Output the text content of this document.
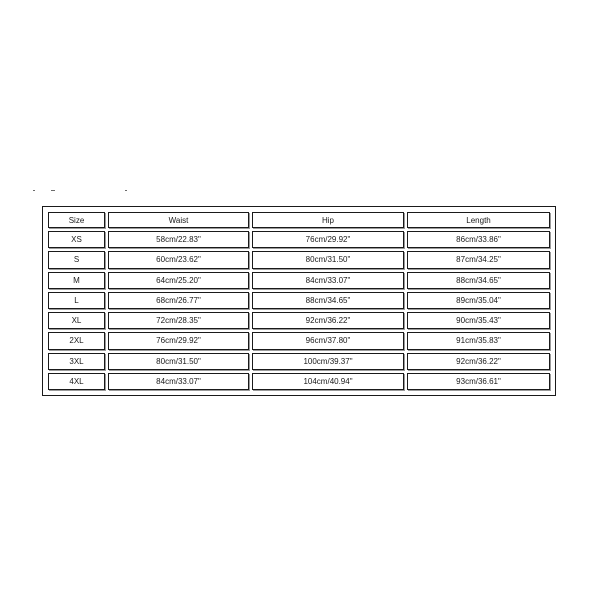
Size	Waist	Hip	Length
XS	58cm/22.83"	76cm/29.92"	86cm/33.86"
S	60cm/23.62"	80cm/31.50"	87cm/34.25"
M	64cm/25.20"	84cm/33.07"	88cm/34.65"
L	68cm/26.77"	88cm/34.65"	89cm/35.04"
XL	72cm/28.35"	92cm/36.22"	90cm/35.43"
2XL	76cm/29.92"	96cm/37.80"	91cm/35.83"
3XL	80cm/31.50"	100cm/39.37"	92cm/36.22"
4XL	84cm/33.07"	104cm/40.94"	93cm/36.61"
